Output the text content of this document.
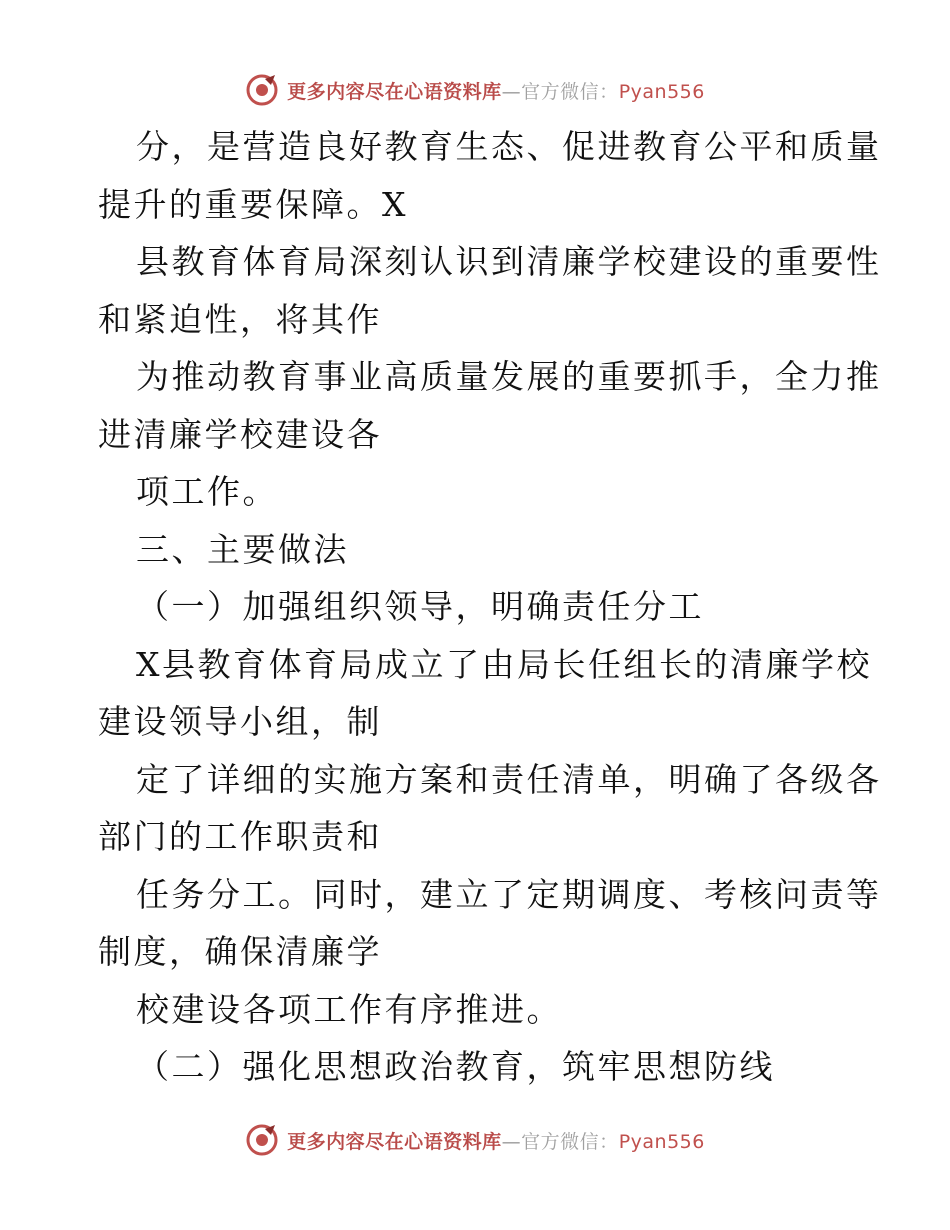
更多内容尽在心语资料库—官方微信：Pyan556
分，是营造良好教育生态、促进教育公平和质量
提升的重要保障。X
县教育体育局深刻认识到清廉学校建设的重要性
和紧迫性，将其作
为推动教育事业高质量发展的重要抓手，全力推
进清廉学校建设各
项工作。
三、主要做法
（一）加强组织领导，明确责任分工
X县教育体育局成立了由局长任组长的清廉学校
建设领导小组，制
定了详细的实施方案和责任清单，明确了各级各
部门的工作职责和
任务分工。同时，建立了定期调度、考核问责等
制度，确保清廉学
校建设各项工作有序推进。
（二）强化思想政治教育，筑牢思想防线
更多内容尽在心语资料库—官方微信：Pyan556
